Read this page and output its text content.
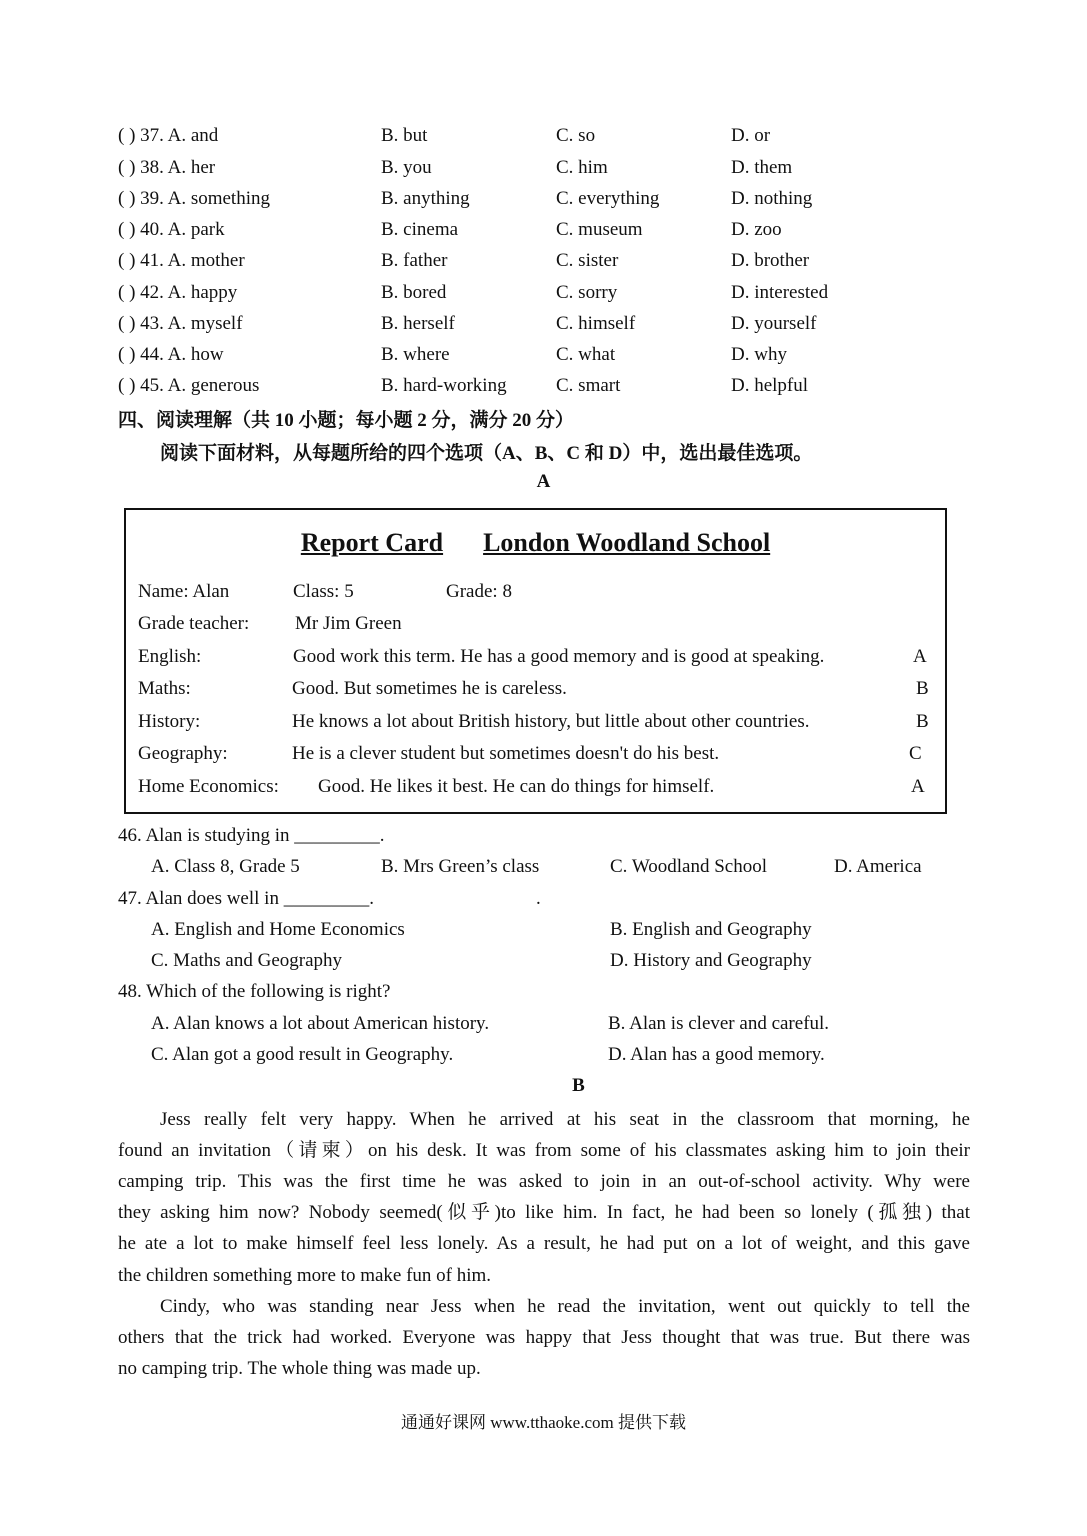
( ) 37. A. and	B. but	C. so	D. or
( ) 38. A. her	B. you	C. him	D. them
( ) 39. A. something	B. anything	C. everything	D. nothing
( ) 40. A. park	B. cinema	C. museum	D. zoo
( ) 41. A. mother	B. father	C. sister	D. brother
( ) 42. A. happy	B. bored	C. sorry	D. interested
( ) 43. A. myself	B. herself	C. himself	D. yourself
( ) 44. A. how	B. where	C. what	D. why
( ) 45. A. generous	B. hard-working	C. smart	D. helpful
四、阅读理解（共 10 小题；每小题 2 分，满分 20 分）
阅读下面材料，从每题所给的四个选项（A、B、C 和 D）中，选出最佳选项。
A
Report Card London Woodland School
Name: Alan	Class: 5	Grade: 8
Grade teacher: Mr Jim Green
English:	Good work this term. He has a good memory and is good at speaking.	A
Maths:	Good. But sometimes he is careless.	B
History:	He knows a lot about British history, but little about other countries.	B
Geography:	He is a clever student but sometimes doesn't do his best.	C
Home Economics: Good. He likes it best. He can do things for himself.	A
46. Alan is studying in _________.
A. Class 8, Grade 5	B. Mrs Green’s class	C. Woodland School	D. America
47. Alan does well in _________.	.
A. English and Home Economics	B. English and Geography
C. Maths and Geography	D. History and Geography
48. Which of the following is right?
A. Alan knows a lot about American history.	B. Alan is clever and careful.
C. Alan got a good result in Geography.	D. Alan has a good memory.
B
Jess really felt very happy. When he arrived at his seat in the classroom that morning, he
found an invitation（请柬）on his desk. It was from some of his classmates asking him to join their
camping trip. This was the first time he was asked to join in an out-of-school activity. Why were
they asking him now? Nobody seemed(似乎)to like him. In fact, he had been so lonely (孤独) that
he ate a lot to make himself feel less lonely. As a result, he had put on a lot of weight, and this gave
the children something more to make fun of him.
Cindy, who was standing near Jess when he read the invitation, went out quickly to tell the
others that the trick had worked. Everyone was happy that Jess thought that was true. But there was
no camping trip. The whole thing was made up.
通通好课网 www.tthaoke.com 提供下载
